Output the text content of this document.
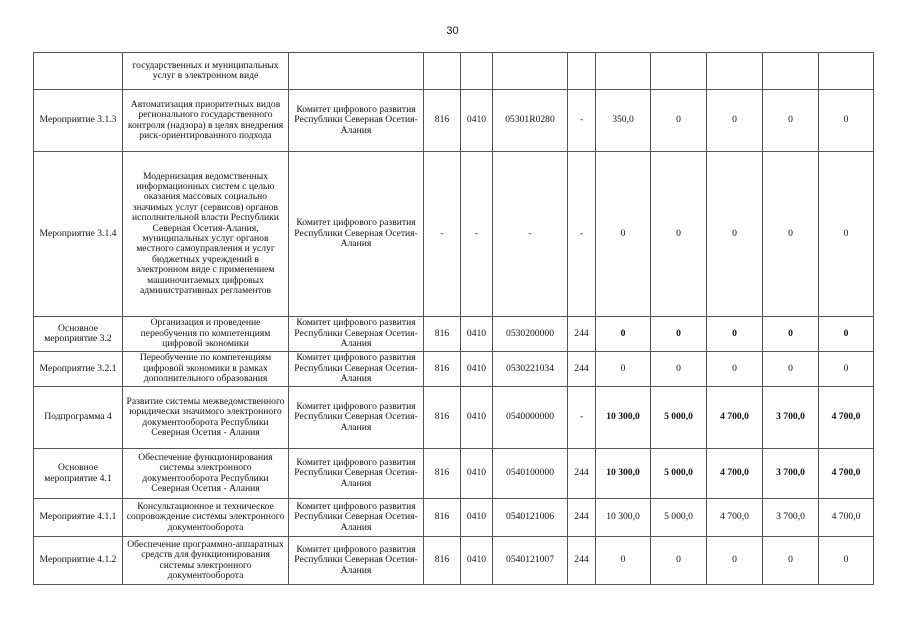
30
	государственных и муниципальных услуг в электронном виде										
Мероприятие 3.1.3	Автоматизация приоритетных видов регионального государственного контроля (надзора) в целях внедрения риск-ориентированного подхода	Комитет цифрового развития Республики Северная Осетия-Алания	816	0410	05301R0280	-	350,0	0	0	0	0
Мероприятие 3.1.4	Модернизация ведомственных информационных систем с целью оказания массовых социально значимых услуг (сервисов) органов исполнительной власти Республики Северная Осетия-Алания, муниципальных услуг органов местного самоуправления и услуг бюджетных учреждений в электронном виде с применением машиночитаемых цифровых административных регламентов	Комитет цифрового развития Республики Северная Осетия-Алания	-	-	-	-	0	0	0	0	0
Основное мероприятие 3.2	Организация и проведение переобучения по компетенциям цифровой экономики	Комитет цифрового развития Республики Северная Осетия-Алания	816	0410	0530200000	244	0	0	0	0	0
Мероприятие 3.2.1	Переобучение по компетенциям цифровой экономики в рамках дополнительного образования	Комитет цифрового развития Республики Северная Осетия-Алания	816	0410	0530221034	244	0	0	0	0	0
Подпрограмма 4	Развитие системы межведомственного юридически значимого электронного документооборота Республики Северная Осетия - Алания	Комитет цифрового развития Республики Северная Осетия-Алания	816	0410	0540000000	-	10 300,0	5 000,0	4 700,0	3 700,0	4 700,0
Основное мероприятие 4.1	Обеспечение функционирования системы электронного документооборота Республики Северная Осетия - Алания	Комитет цифрового развития Республики Северная Осетия-Алания	816	0410	0540100000	244	10 300,0	5 000,0	4 700,0	3 700,0	4 700,0
Мероприятие 4.1.1	Консультационное и техническое сопровождение системы электронного документооборота	Комитет цифрового развития Республики Северная Осетия-Алания	816	0410	0540121006	244	10 300,0	5 000,0	4 700,0	3 700,0	4 700,0
Мероприятие 4.1.2	Обеспечение программно-аппаратных средств для функционирования системы электронного документооборота	Комитет цифрового развития Республики Северная Осетия-Алания	816	0410	0540121007	244	0	0	0	0	0
